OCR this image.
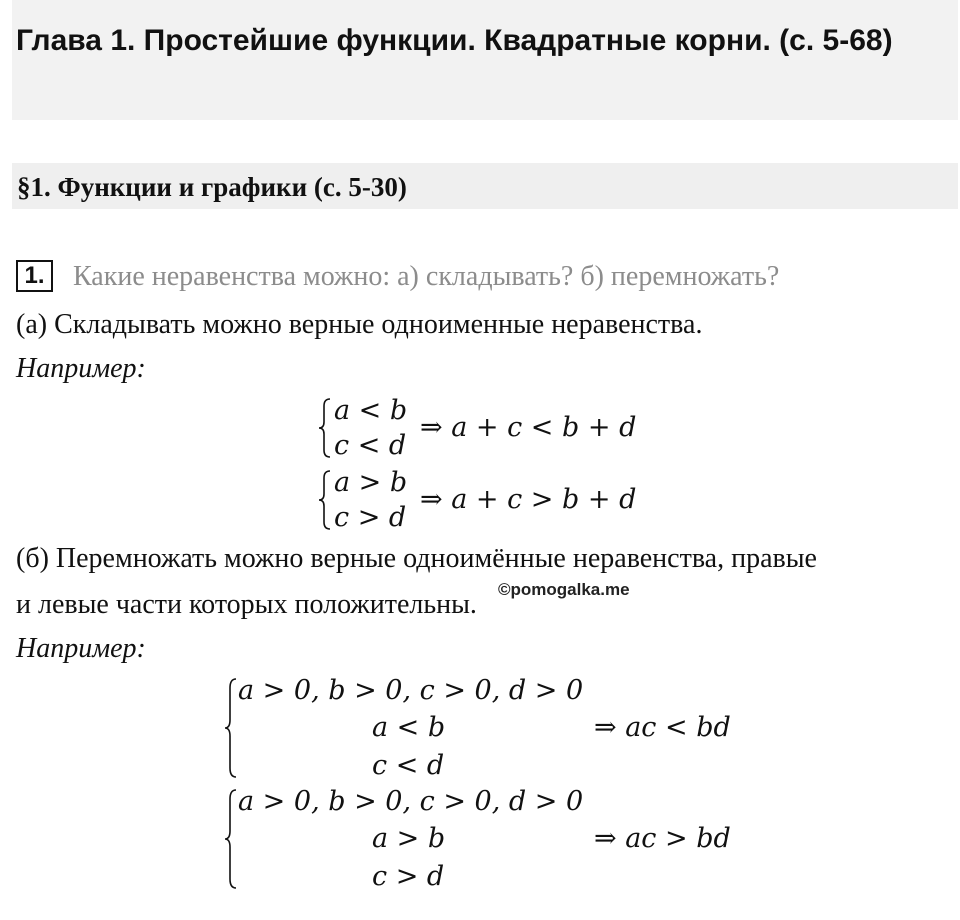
Глава 1. Простейшие функции. Квадратные корни. (с. 5-68)
§1. Функции и графики (с. 5-30)
1.	Какие неравенства можно: а) складывать? б) перемножать?
(а) Складывать можно верные одноименные неравенства.
Например:
a < b
c < d
⇒ a + c < b + d
a > b
c > d
⇒ a + c > b + d
(б) Перемножать можно верные одноимённые неравенства, правые
и левые части которых положительны. ©pomogalka.me
Например:
a > 0, b > 0, c > 0, d > 0
a < b
c < d
⇒ ac < bd
a > 0, b > 0, c > 0, d > 0
a > b
c > d
⇒ ac > bd
